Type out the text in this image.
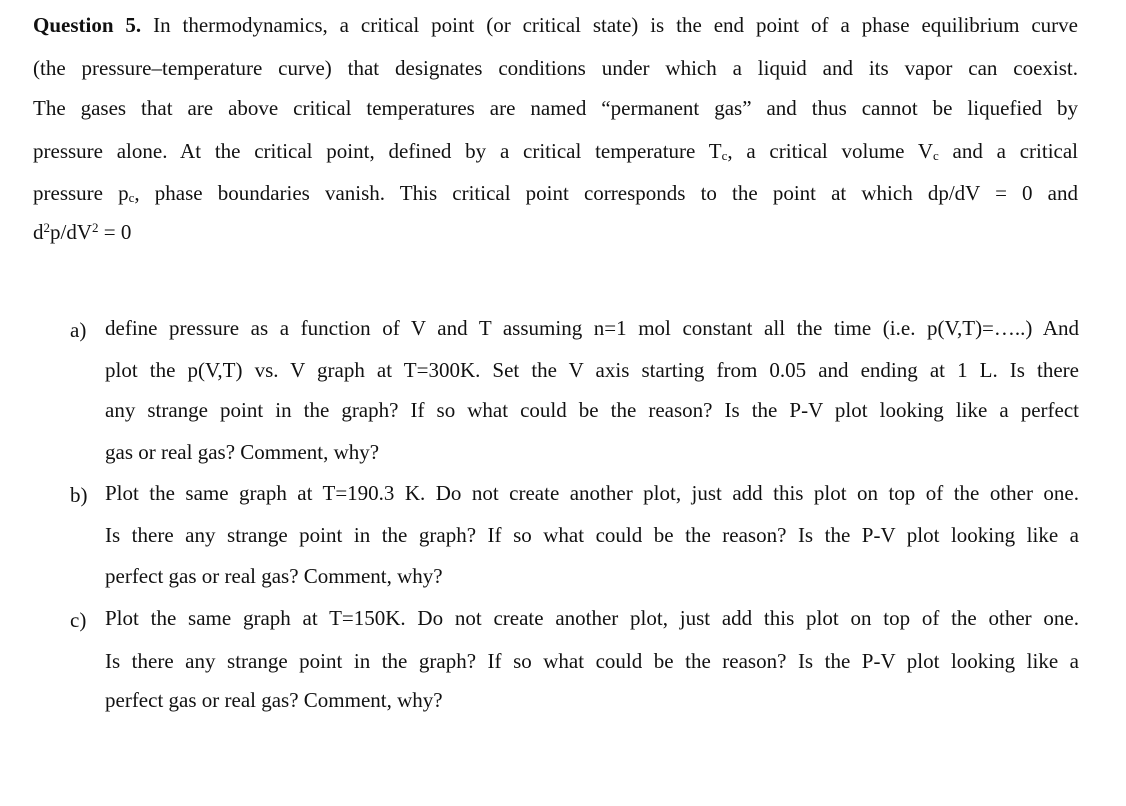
Question 5. In thermodynamics, a critical point (or critical state) is the end point of a phase equilibrium curve
(the pressure–temperature curve) that designates conditions under which a liquid and its vapor can coexist.
The gases that are above critical temperatures are named “permanent gas” and thus cannot be liquefied by
pressure alone. At the critical point, defined by a critical temperature $T_c$, a critical volume $V_c$ and a critical
pressure $p_c$, phase boundaries vanish. This critical point corresponds to the point at which dp/dV = 0 and
$d^2p/dV^2 = 0$
a) define pressure as a function of V and T assuming n=1 mol constant all the time (i.e. p(V,T)=…..) And
plot the p(V,T) vs. V graph at T=300K. Set the V axis starting from 0.05 and ending at 1 L. Is there
any strange point in the graph? If so what could be the reason? Is the P-V plot looking like a perfect
gas or real gas? Comment, why?
b) Plot the same graph at T=190.3 K. Do not create another plot, just add this plot on top of the other one.
Is there any strange point in the graph? If so what could be the reason? Is the P-V plot looking like a
perfect gas or real gas? Comment, why?
c) Plot the same graph at T=150K. Do not create another plot, just add this plot on top of the other one.
Is there any strange point in the graph? If so what could be the reason? Is the P-V plot looking like a
perfect gas or real gas? Comment, why?
